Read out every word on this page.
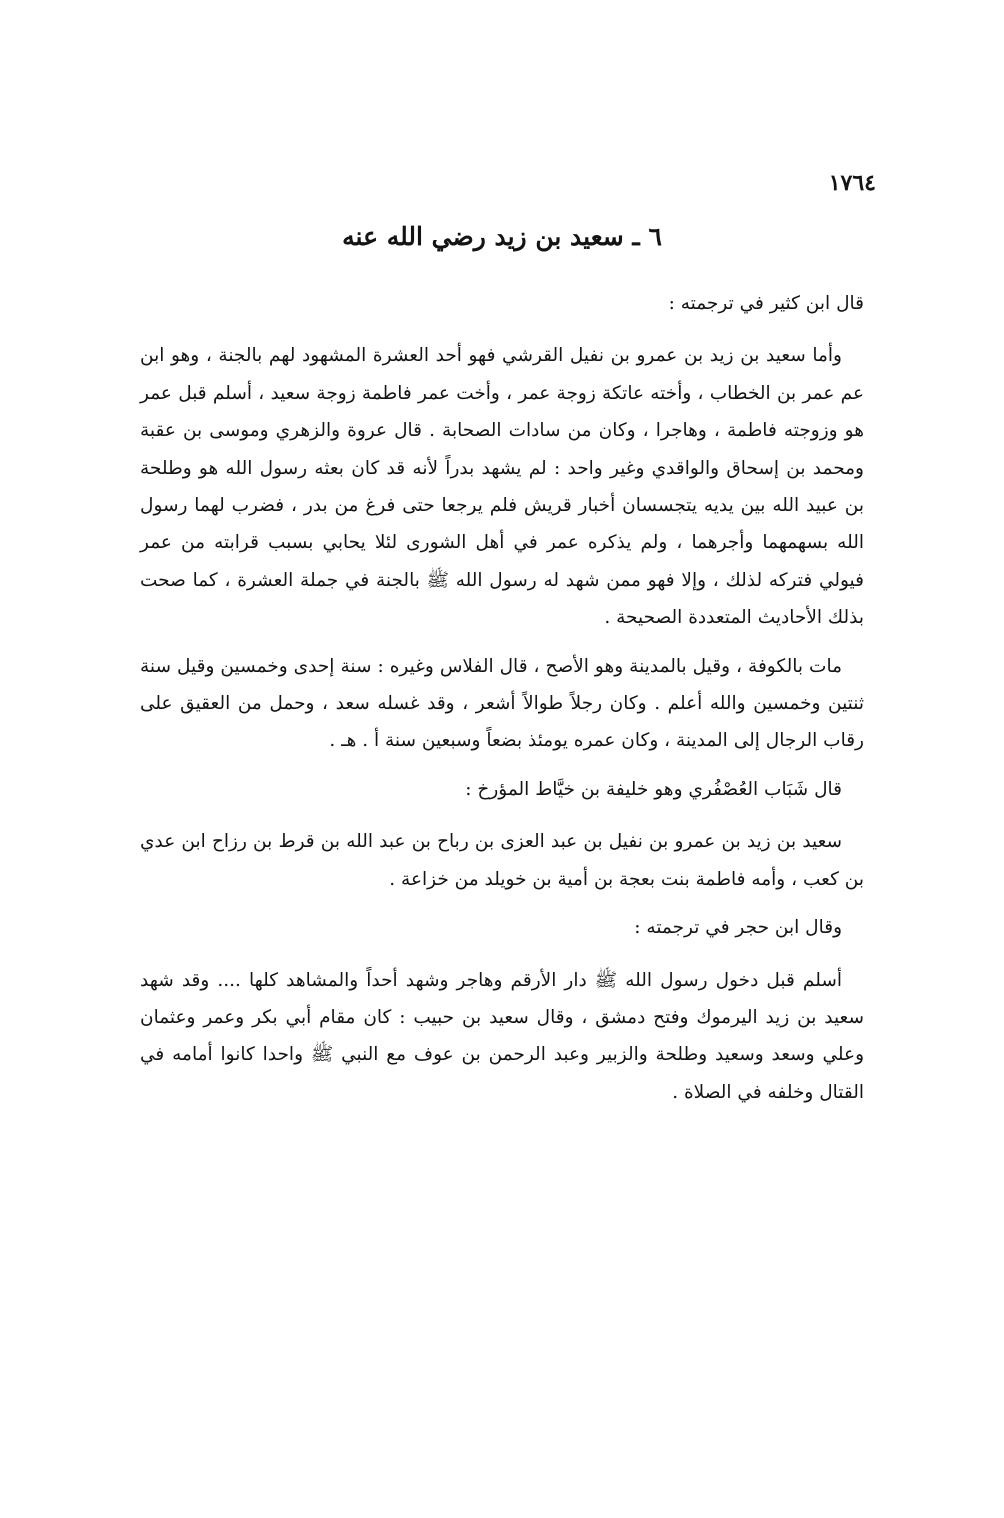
١٧٦٤
٦ ـ سعيد بن زيد رضي الله عنه

قال ابن كثير في ترجمته :

وأما سعيد بن زيد بن عمرو بن نفيل القرشي فهو أحد العشرة المشهود لهم بالجنة ، وهو ابن عم عمر بن الخطاب ، وأخته عاتكة زوجة عمر ، وأخت عمر فاطمة زوجة سعيد ، أسلم قبل عمر هو وزوجته فاطمة ، وهاجرا ، وكان من سادات الصحابة . قال عروة والزهري وموسى بن عقبة ومحمد بن إسحاق والواقدي وغير واحد : لم يشهد بدراً لأنه قد كان بعثه رسول الله هو وطلحة بن عبيد الله بين يديه يتجسسان أخبار قريش فلم يرجعا حتى فرغ من بدر ، فضرب لهما رسول الله بسهمهما وأجرهما ، ولم يذكره عمر في أهل الشورى لئلا يحابي بسبب قرابته من عمر فيولي فتركه لذلك ، وإلا فهو ممن شهد له رسول الله ﷺ بالجنة في جملة العشرة ، كما صحت بذلك الأحاديث المتعددة الصحيحة .

مات بالكوفة ، وقيل بالمدينة وهو الأصح ، قال الفلاس وغيره : سنة إحدى وخمسين وقيل سنة ثنتين وخمسين والله أعلم . وكان رجلاً طوالاً أشعر ، وقد غسله سعد ، وحمل من العقيق على رقاب الرجال إلى المدينة ، وكان عمره يومئذ بضعاً وسبعين سنة أ . هـ .

قال شَبَاب العُصْفُري وهو خليفة بن خيَّاط المؤرخ :

سعيد بن زيد بن عمرو بن نفيل بن عبد العزى بن رباح بن عبد الله بن قرط بن رزاح ابن عدي بن كعب ، وأمه فاطمة بنت بعجة بن أمية بن خويلد من خزاعة .

وقال ابن حجر في ترجمته :

أسلم قبل دخول رسول الله ﷺ دار الأرقم وهاجر وشهد أحداً والمشاهد كلها .... وقد شهد سعيد بن زيد اليرموك وفتح دمشق ، وقال سعيد بن حبيب : كان مقام أبي بكر وعمر وعثمان وعلي وسعد وسعيد وطلحة والزبير وعبد الرحمن بن عوف مع النبي ﷺ واحدا كانوا أمامه في القتال وخلفه في الصلاة .
